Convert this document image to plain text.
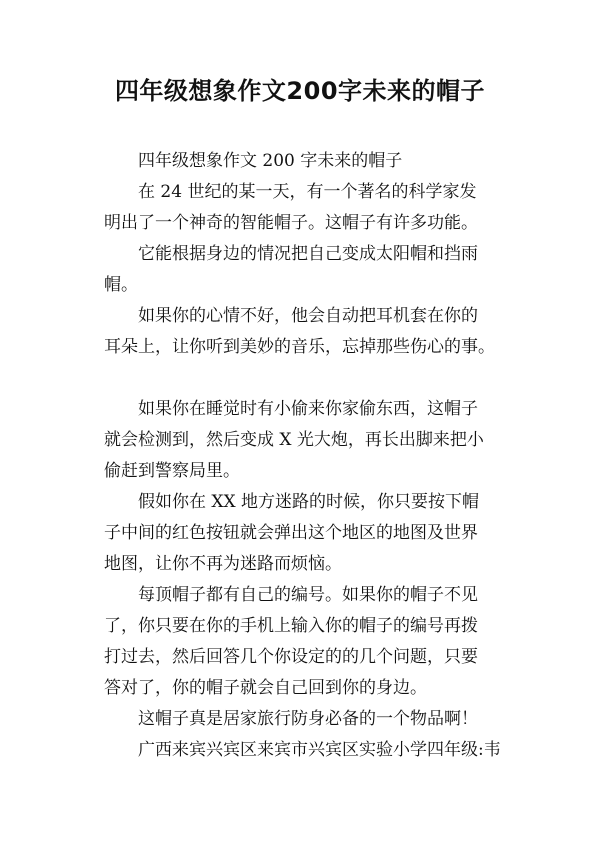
四年级想象作文200字未来的帽子
四年级想象作文 200 字未来的帽子
在 24 世纪的某一天，有一个著名的科学家发
明出了一个神奇的智能帽子。这帽子有许多功能。
它能根据身边的情况把自己变成太阳帽和挡雨
帽。
如果你的心情不好，他会自动把耳机套在你的
耳朵上，让你听到美妙的音乐，忘掉那些伤心的事。
如果你在睡觉时有小偷来你家偷东西，这帽子
就会检测到，然后变成 X 光大炮，再长出脚来把小
偷赶到警察局里。
假如你在 XX 地方迷路的时候，你只要按下帽
子中间的红色按钮就会弹出这个地区的地图及世界
地图，让你不再为迷路而烦恼。
每顶帽子都有自己的编号。如果你的帽子不见
了，你只要在你的手机上输入你的帽子的编号再拨
打过去，然后回答几个你设定的的几个问题，只要
答对了，你的帽子就会自己回到你的身边。
这帽子真是居家旅行防身必备的一个物品啊！
广西来宾兴宾区来宾市兴宾区实验小学四年级:韦
